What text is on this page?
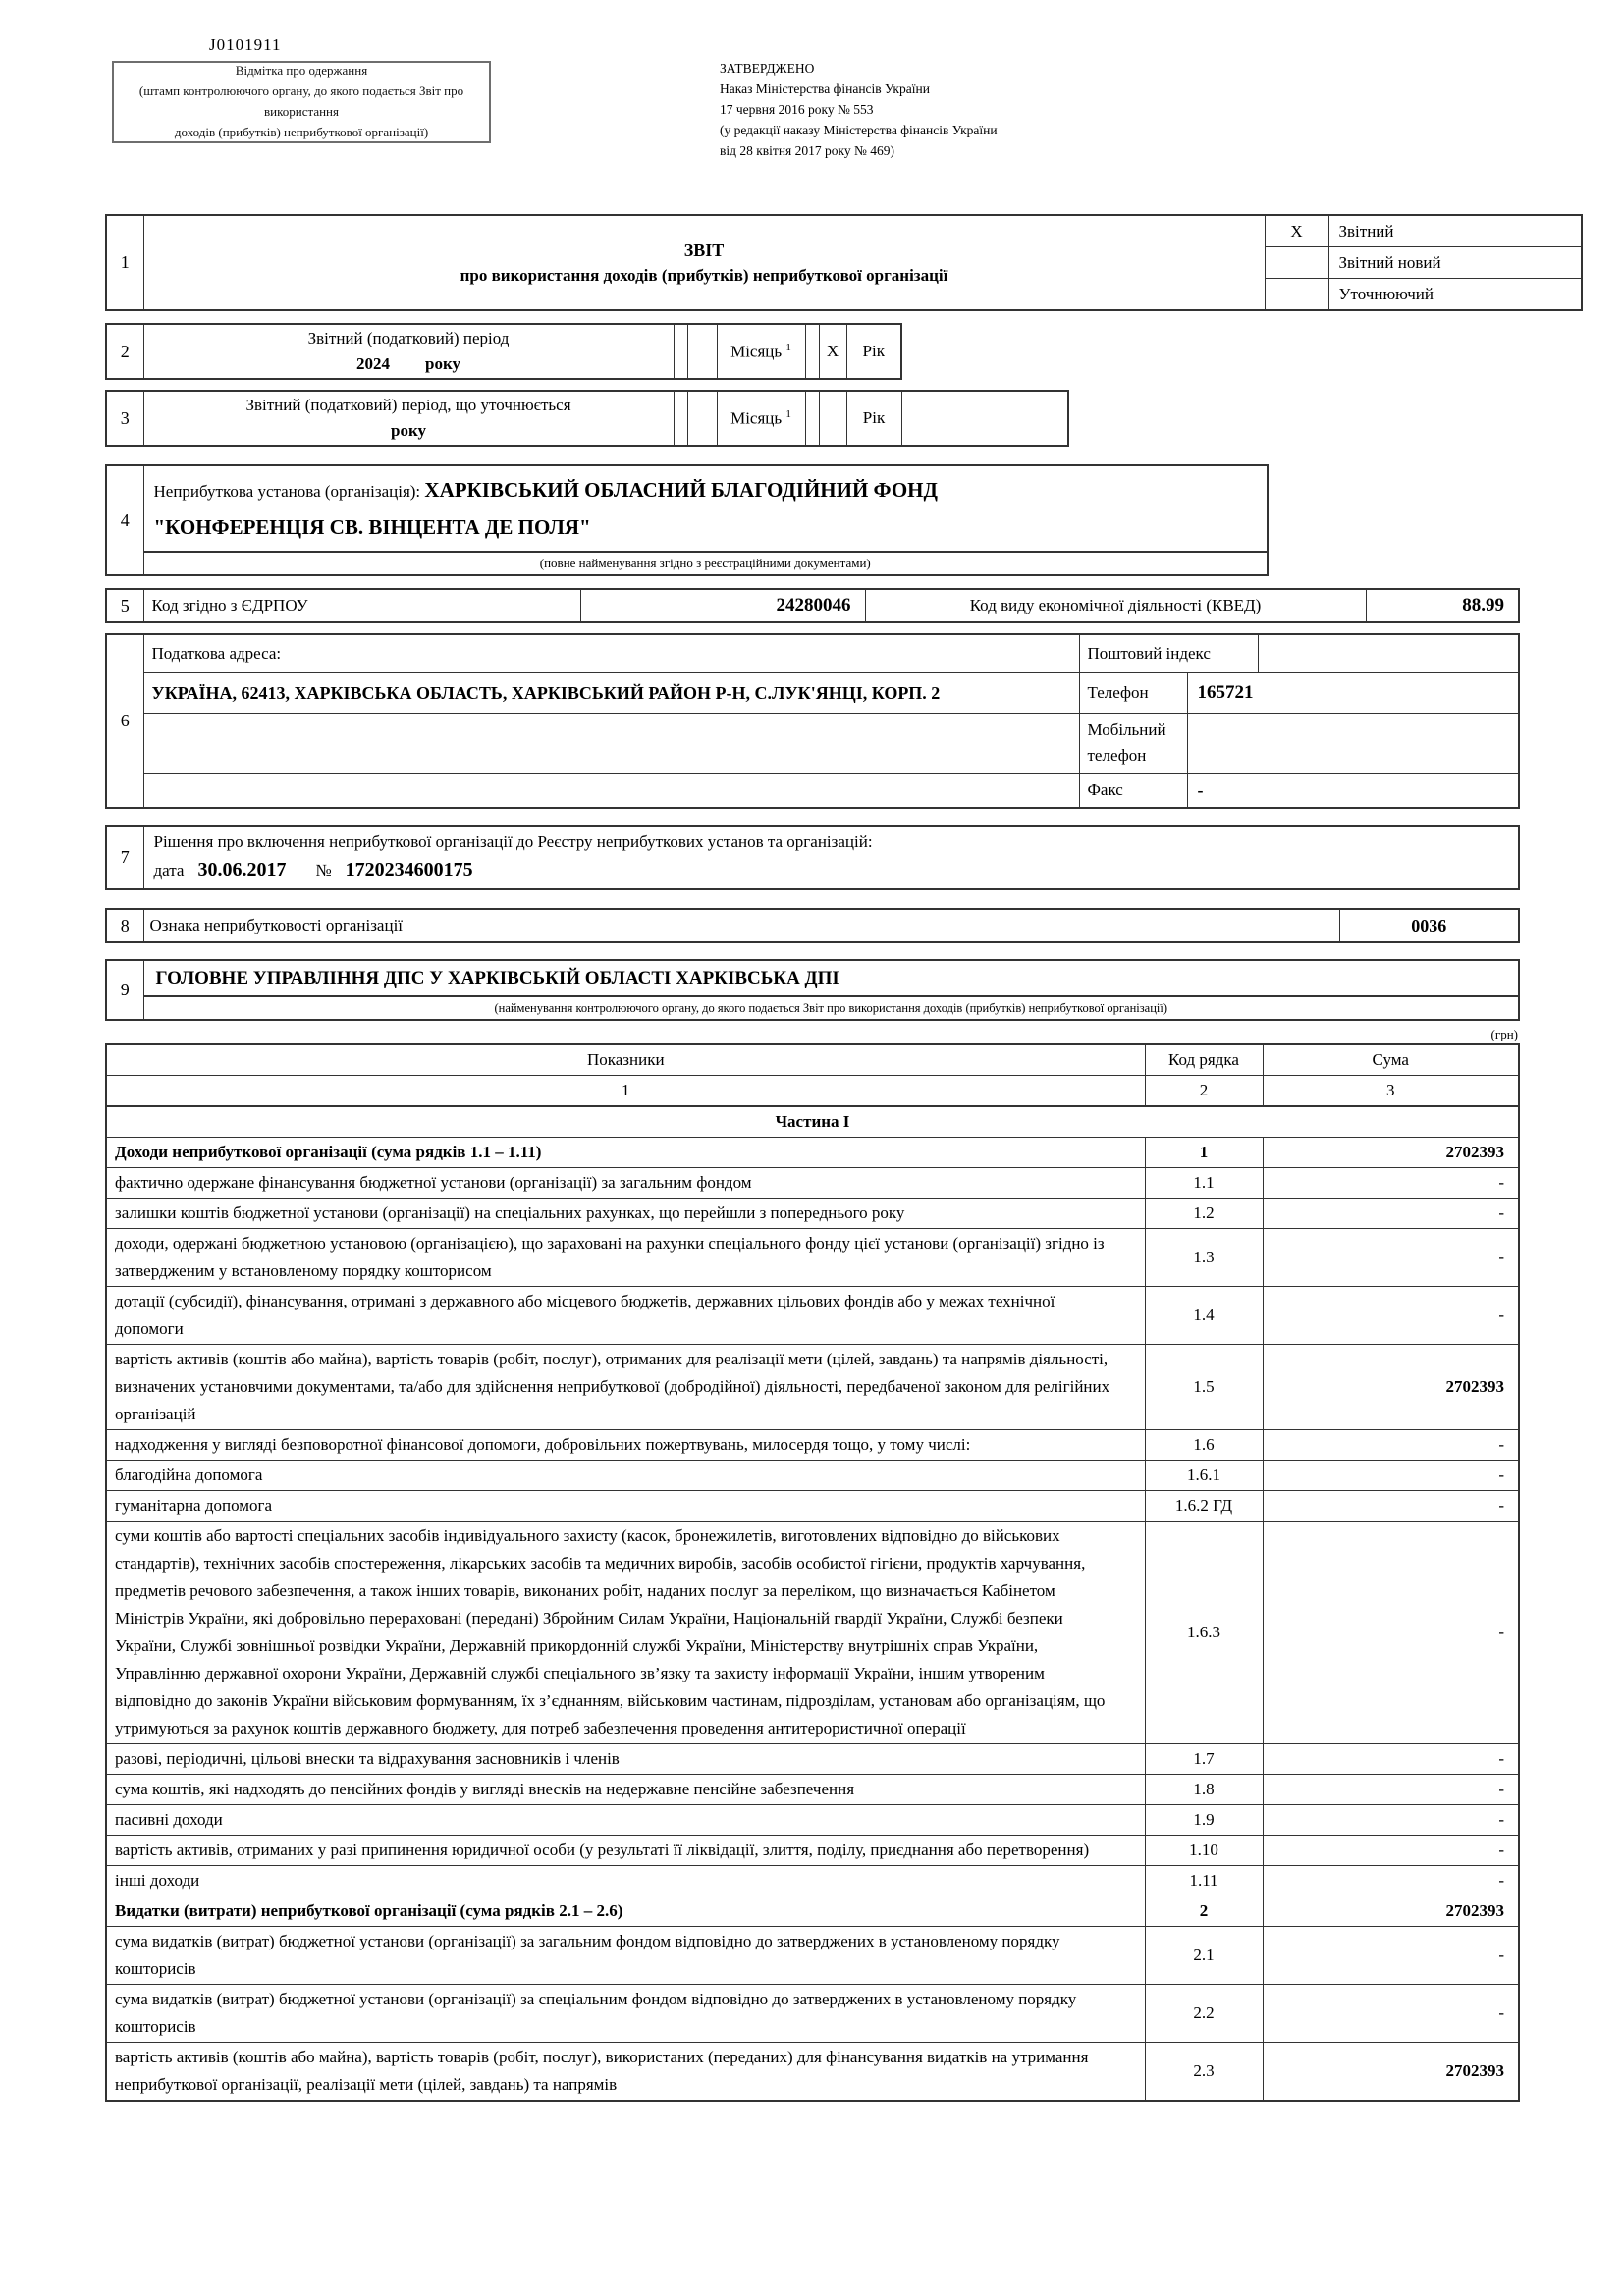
J0101911
Відмітка про одержання
(штамп контролюючого органу, до якого подається Звіт про використання
доходів (прибутків) неприбуткової організації)
ЗАТВЕРДЖЕНО
Наказ Міністерства фінансів України
17 червня 2016 року № 553
(у редакції наказу Міністерства фінансів України
від 28 квітня 2017 року № 469)
1	ЗВІТ
про використання доходів (прибутків) неприбуткової організації	X	Звітний
			Звітний новий
			Уточнюючий
2	
Звітний (податковий) період
2024 року
			Місяць $^1$		X	Рік
3	
Звітний (податковий) період, що уточнюється
року
			Місяць $^1$			Рік	
4	
Неприбуткова установа (організація): ХАРКІВСЬКИЙ ОБЛАСНИЙ БЛАГОДІЙНИЙ ФОНД "КОНФЕРЕНЦІЯ СВ. ВІНЦЕНТА ДЕ ПОЛЯ"
(повне найменування згідно з реєстраційними документами)
5	Код згідно з ЄДРПОУ	24280046	Код виду економічної діяльності (КВЕД)	88.99
6	Податкова адреса:	Поштовий індекс		
	УКРАЇНА, 62413, ХАРКІВСЬКА ОБЛАСТЬ, ХАРКІВСЬКИЙ РАЙОН Р-Н, С.ЛУК'ЯНЦІ, КОРП. 2	Телефон	165721	
		Мобільний телефон		
		Факс	-	
7	
Рішення про включення неприбуткової організації до Реєстру неприбуткових установ та організацій:
дата 30.06.2017 № 1720234600175
8	Ознака неприбутковості організації	0036
9	
ГОЛОВНЕ УПРАВЛІННЯ ДПС У ХАРКІВСЬКІЙ ОБЛАСТІ ХАРКІВСЬКА ДПІ
(найменування контролюючого органу, до якого подається Звіт про використання доходів (прибутків) неприбуткової організації)
(грн)
Показники	Код рядка	Сума
1	2	3
Частина I		
Доходи неприбуткової організації (сума рядків 1.1 – 1.11)	1	2702393
фактично одержане фінансування бюджетної установи (організації) за загальним фондом	1.1	-
залишки коштів бюджетної установи (організації) на спеціальних рахунках, що перейшли з попереднього року	1.2	-
доходи, одержані бюджетною установою (організацією), що зараховані на рахунки спеціального фонду цієї установи (організації) згідно із затвердженим у встановленому порядку кошторисом	1.3	-
дотації (субсидії), фінансування, отримані з державного або місцевого бюджетів, державних цільових фондів або у межах технічної допомоги	1.4	-
вартість активів (коштів або майна), вартість товарів (робіт, послуг), отриманих для реалізації мети (цілей, завдань) та напрямів діяльності, визначених установчими документами, та/або для здійснення неприбуткової (добродійної) діяльності, передбаченої законом для релігійних організацій	1.5	2702393
надходження у вигляді безповоротної фінансової допомоги, добровільних пожертвувань, милосердя тощо, у тому числі:	1.6	-
благодійна допомога	1.6.1	-
гуманітарна допомога	1.6.2 ГД	-
суми коштів або вартості спеціальних засобів індивідуального захисту (касок, бронежилетів, виготовлених відповідно до військових стандартів), технічних засобів спостереження, лікарських засобів та медичних виробів, засобів особистої гігієни, продуктів харчування, предметів речового забезпечення, а також інших товарів, виконаних робіт, наданих послуг за переліком, що визначається Кабінетом Міністрів України, які добровільно перераховані (передані) Збройним Силам України, Національній гвардії України, Службі безпеки України, Службі зовнішньої розвідки України, Державній прикордонній службі України, Міністерству внутрішніх справ України, Управлінню державної охорони України, Державній службі спеціального зв’язку та захисту інформації України, іншим утвореним відповідно до законів України військовим формуванням, їх з’єднанням, військовим частинам, підрозділам, установам або організаціям, що утримуються за рахунок коштів державного бюджету, для потреб забезпечення проведення антитерористичної операції	1.6.3	-
разові, періодичні, цільові внески та відрахування засновників і членів	1.7	-
сума коштів, які надходять до пенсійних фондів у вигляді внесків на недержавне пенсійне забезпечення	1.8	-
пасивні доходи	1.9	-
вартість активів, отриманих у разі припинення юридичної особи (у результаті її ліквідації, злиття, поділу, приєднання або перетворення)	1.10	-
інші доходи	1.11	-
Видатки (витрати) неприбуткової організації (сума рядків 2.1 – 2.6)	2	2702393
сума видатків (витрат) бюджетної установи (організації) за загальним фондом відповідно до затверджених в установленому порядку кошторисів	2.1	-
сума видатків (витрат) бюджетної установи (організації) за спеціальним фондом відповідно до затверджених в установленому порядку кошторисів	2.2	-
вартість активів (коштів або майна), вартість товарів (робіт, послуг), використаних (переданих) для фінансування видатків на утримання неприбуткової організації, реалізації мети (цілей, завдань) та напрямів	2.3	2702393
